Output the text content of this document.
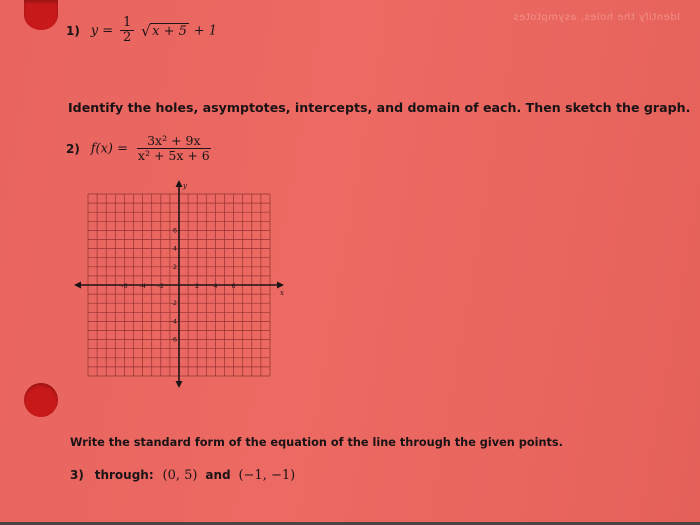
Identify the holes, asymptotes
1) $y = \frac{1}{2}$
√ x + 5 + 1
Identify the holes, asymptotes, intercepts, and domain of each. Then sketch the graph.
2) $f(x) = \frac{\text{3x² + 9x}}{\text{x² + 5x + 6}}$
-6 -4 -2	2 4 6
6
4
2
-2
-4
-6
x
y
Write the standard form of the equation of the line through the given points.
3) through: (0, 5) and (−1, −1)
